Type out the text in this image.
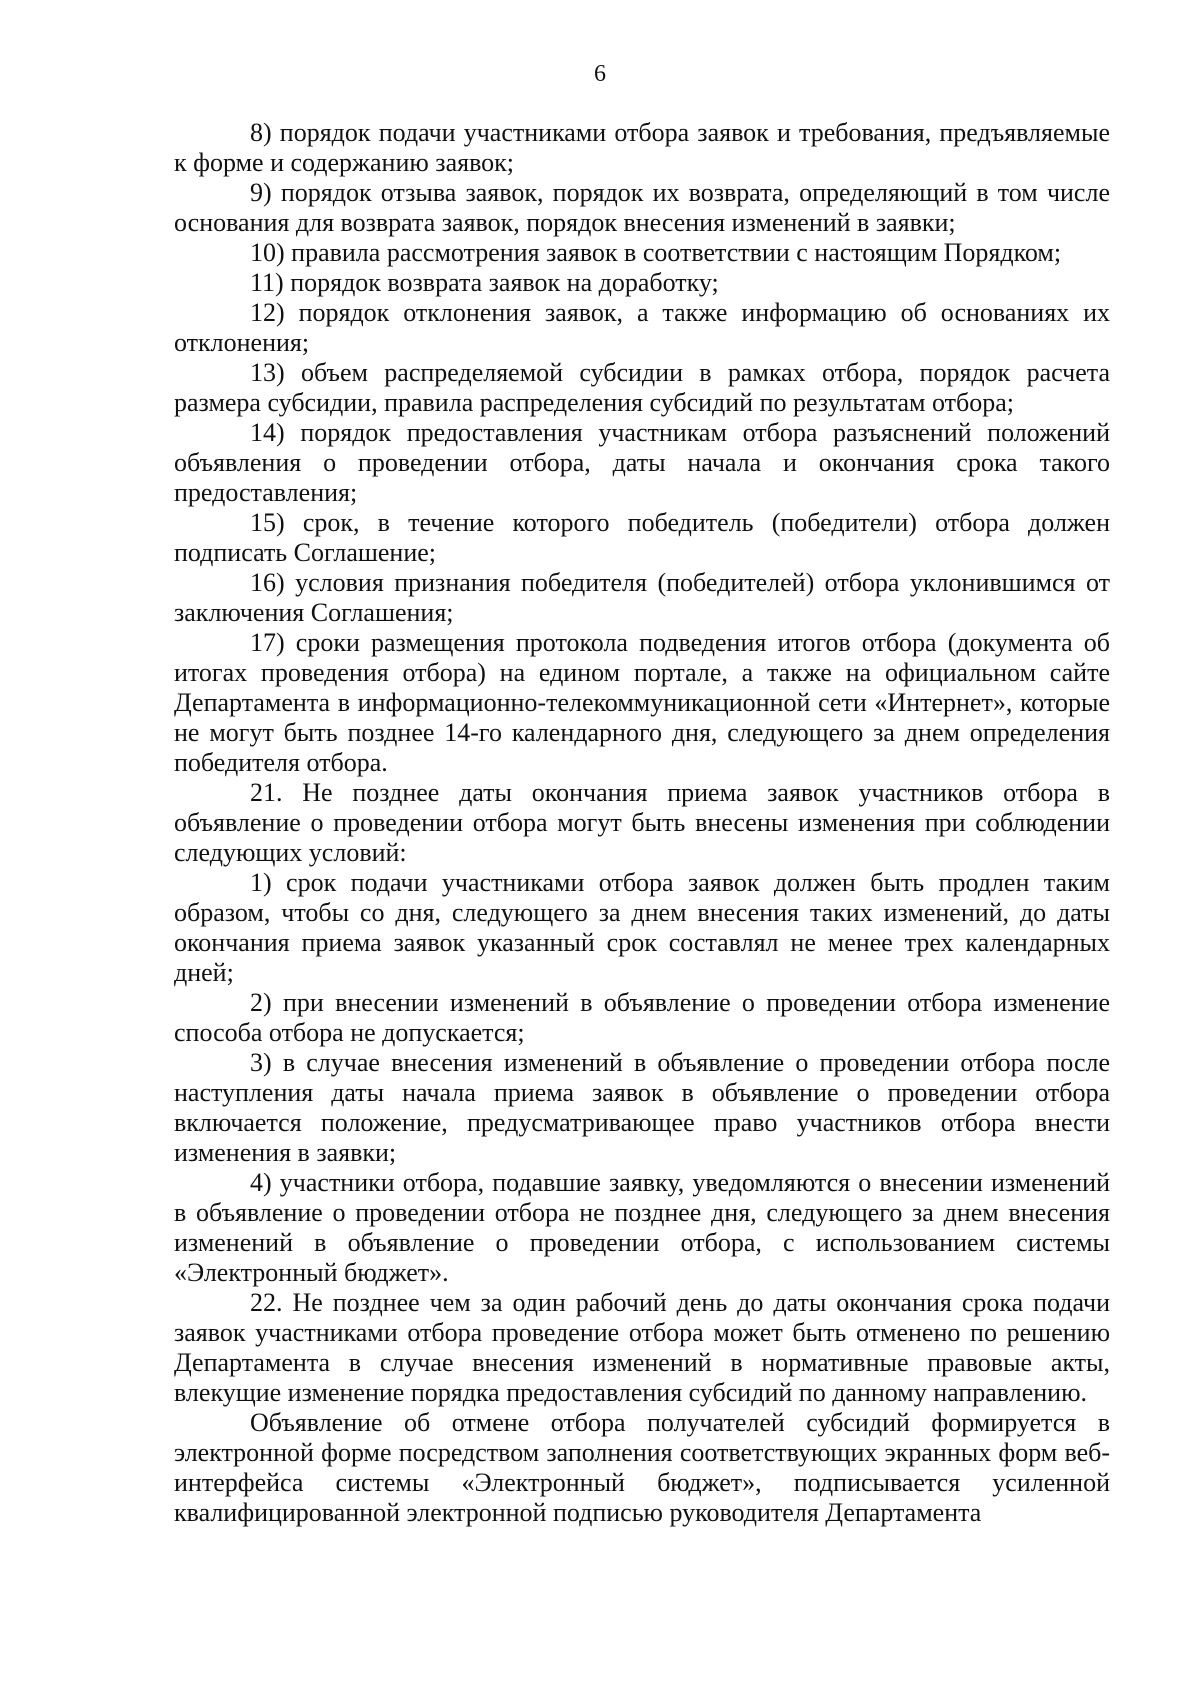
6

8) порядок подачи участниками отбора заявок и требования, предъявляемые к форме и содержанию заявок;

9) порядок отзыва заявок, порядок их возврата, определяющий в том числе основания для возврата заявок, порядок внесения изменений в заявки;

10) правила рассмотрения заявок в соответствии с настоящим Порядком;

11) порядок возврата заявок на доработку;

12) порядок отклонения заявок, а также информацию об основаниях их отклонения;

13) объем распределяемой субсидии в рамках отбора, порядок расчета размера субсидии, правила распределения субсидий по результатам отбора;

14) порядок предоставления участникам отбора разъяснений положений объявления о проведении отбора, даты начала и окончания срока такого предоставления;

15) срок, в течение которого победитель (победители) отбора должен подписать Соглашение;

16) условия признания победителя (победителей) отбора уклонившимся от заключения Соглашения;

17) сроки размещения протокола подведения итогов отбора (документа об итогах проведения отбора) на едином портале, а также на официальном сайте Департамента в информационно-телекоммуникационной сети «Интернет», которые не могут быть позднее 14-го календарного дня, следующего за днем определения победителя отбора.

21. Не позднее даты окончания приема заявок участников отбора в объявление о проведении отбора могут быть внесены изменения при соблюдении следующих условий:

1) срок подачи участниками отбора заявок должен быть продлен таким образом, чтобы со дня, следующего за днем внесения таких изменений, до даты окончания приема заявок указанный срок составлял не менее трех календарных дней;

2) при внесении изменений в объявление о проведении отбора изменение способа отбора не допускается;

3) в случае внесения изменений в объявление о проведении отбора после наступления даты начала приема заявок в объявление о проведении отбора включается положение, предусматривающее право участников отбора внести изменения в заявки;

4) участники отбора, подавшие заявку, уведомляются о внесении изменений в объявление о проведении отбора не позднее дня, следующего за днем внесения изменений в объявление о проведении отбора, с использованием системы «Электронный бюджет».

22. Не позднее чем за один рабочий день до даты окончания срока подачи заявок участниками отбора проведение отбора может быть отменено по решению Департамента в случае внесения изменений в нормативные правовые акты, влекущие изменение порядка предоставления субсидий по данному направлению.

Объявление об отмене отбора получателей субсидий формируется в электронной форме посредством заполнения соответствующих экранных форм веб-интерфейса системы «Электронный бюджет», подписывается усиленной квалифицированной электронной подписью руководителя Департамента
